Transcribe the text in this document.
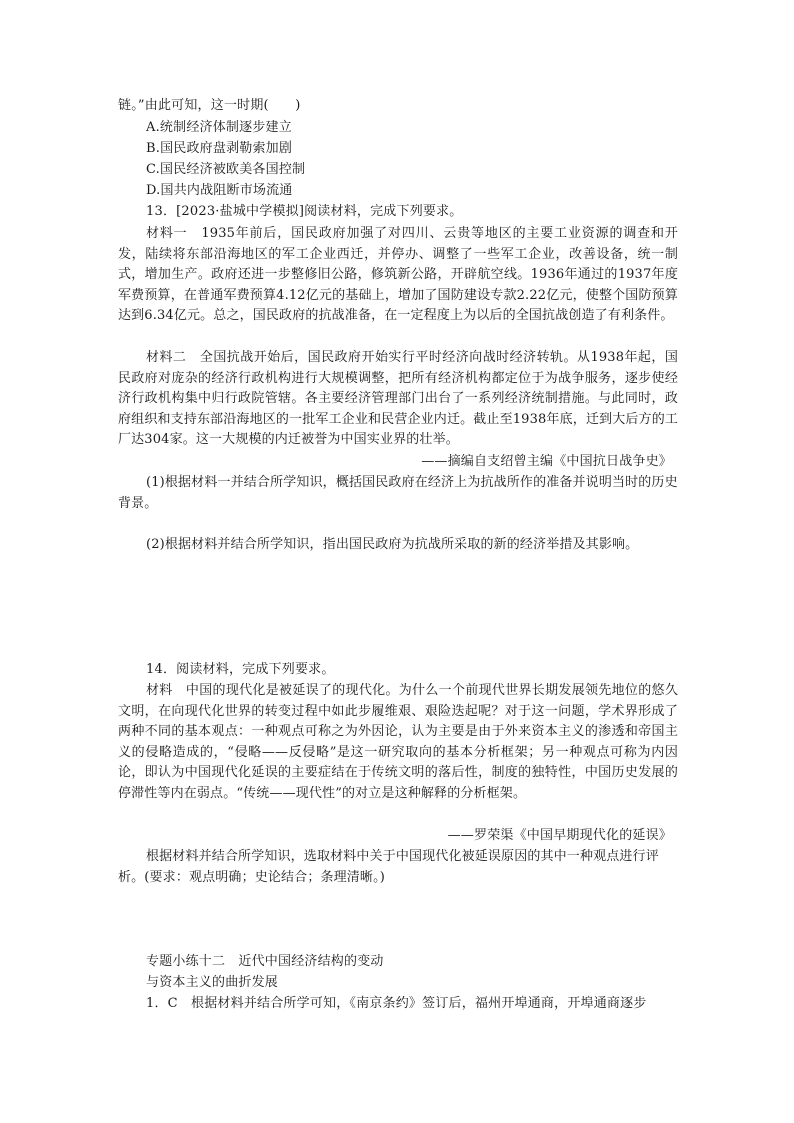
链。”由此可知，这一时期(　　)
A.统制经济体制逐步建立
B.国民政府盘剥勒索加剧
C.国民经济被欧美各国控制
D.国共内战阻断市场流通
13．[2023·盐城中学模拟]阅读材料，完成下列要求。
材料一　1935年前后，国民政府加强了对四川、云贵等地区的主要工业资源的调查和开发，陆续将东部沿海地区的军工企业西迁，并停办、调整了一些军工企业，改善设备，统一制式，增加生产。政府还进一步整修旧公路，修筑新公路，开辟航空线。1936年通过的1937年度军费预算，在普通军费预算4.12亿元的基础上，增加了国防建设专款2.22亿元，使整个国防预算达到6.34亿元。总之，国民政府的抗战准备，在一定程度上为以后的全国抗战创造了有利条件。
材料二　全国抗战开始后，国民政府开始实行平时经济向战时经济转轨。从1938年起，国民政府对庞杂的经济行政机构进行大规模调整，把所有经济机构都定位于为战争服务，逐步使经济行政机构集中归行政院管辖。各主要经济管理部门出台了一系列经济统制措施。与此同时，政府组织和支持东部沿海地区的一批军工企业和民营企业内迁。截止至1938年底，迁到大后方的工厂达304家。这一大规模的内迁被誉为中国实业界的壮举。
——摘编自支绍曾主编《中国抗日战争史》
(1)根据材料一并结合所学知识，概括国民政府在经济上为抗战所作的准备并说明当时的历史背景。
(2)根据材料并结合所学知识，指出国民政府为抗战所采取的新的经济举措及其影响。
14．阅读材料，完成下列要求。
材料　中国的现代化是被延误了的现代化。为什么一个前现代世界长期发展领先地位的悠久文明，在向现代化世界的转变过程中如此步履维艰、艰险迭起呢？对于这一问题，学术界形成了两种不同的基本观点：一种观点可称之为外因论，认为主要是由于外来资本主义的渗透和帝国主义的侵略造成的，“侵略——反侵略”是这一研究取向的基本分析框架；另一种观点可称为内因论，即认为中国现代化延误的主要症结在于传统文明的落后性，制度的独特性，中国历史发展的停滞性等内在弱点。“传统——现代性”的对立是这种解释的分析框架。
——罗荣渠《中国早期现代化的延误》
根据材料并结合所学知识，选取材料中关于中国现代化被延误原因的其中一种观点进行评析。(要求：观点明确；史论结合；条理清晰。)
专题小练十二　近代中国经济结构的变动
与资本主义的曲折发展
1．C　根据材料并结合所学可知，《南京条约》签订后，福州开埠通商，开埠通商逐步
